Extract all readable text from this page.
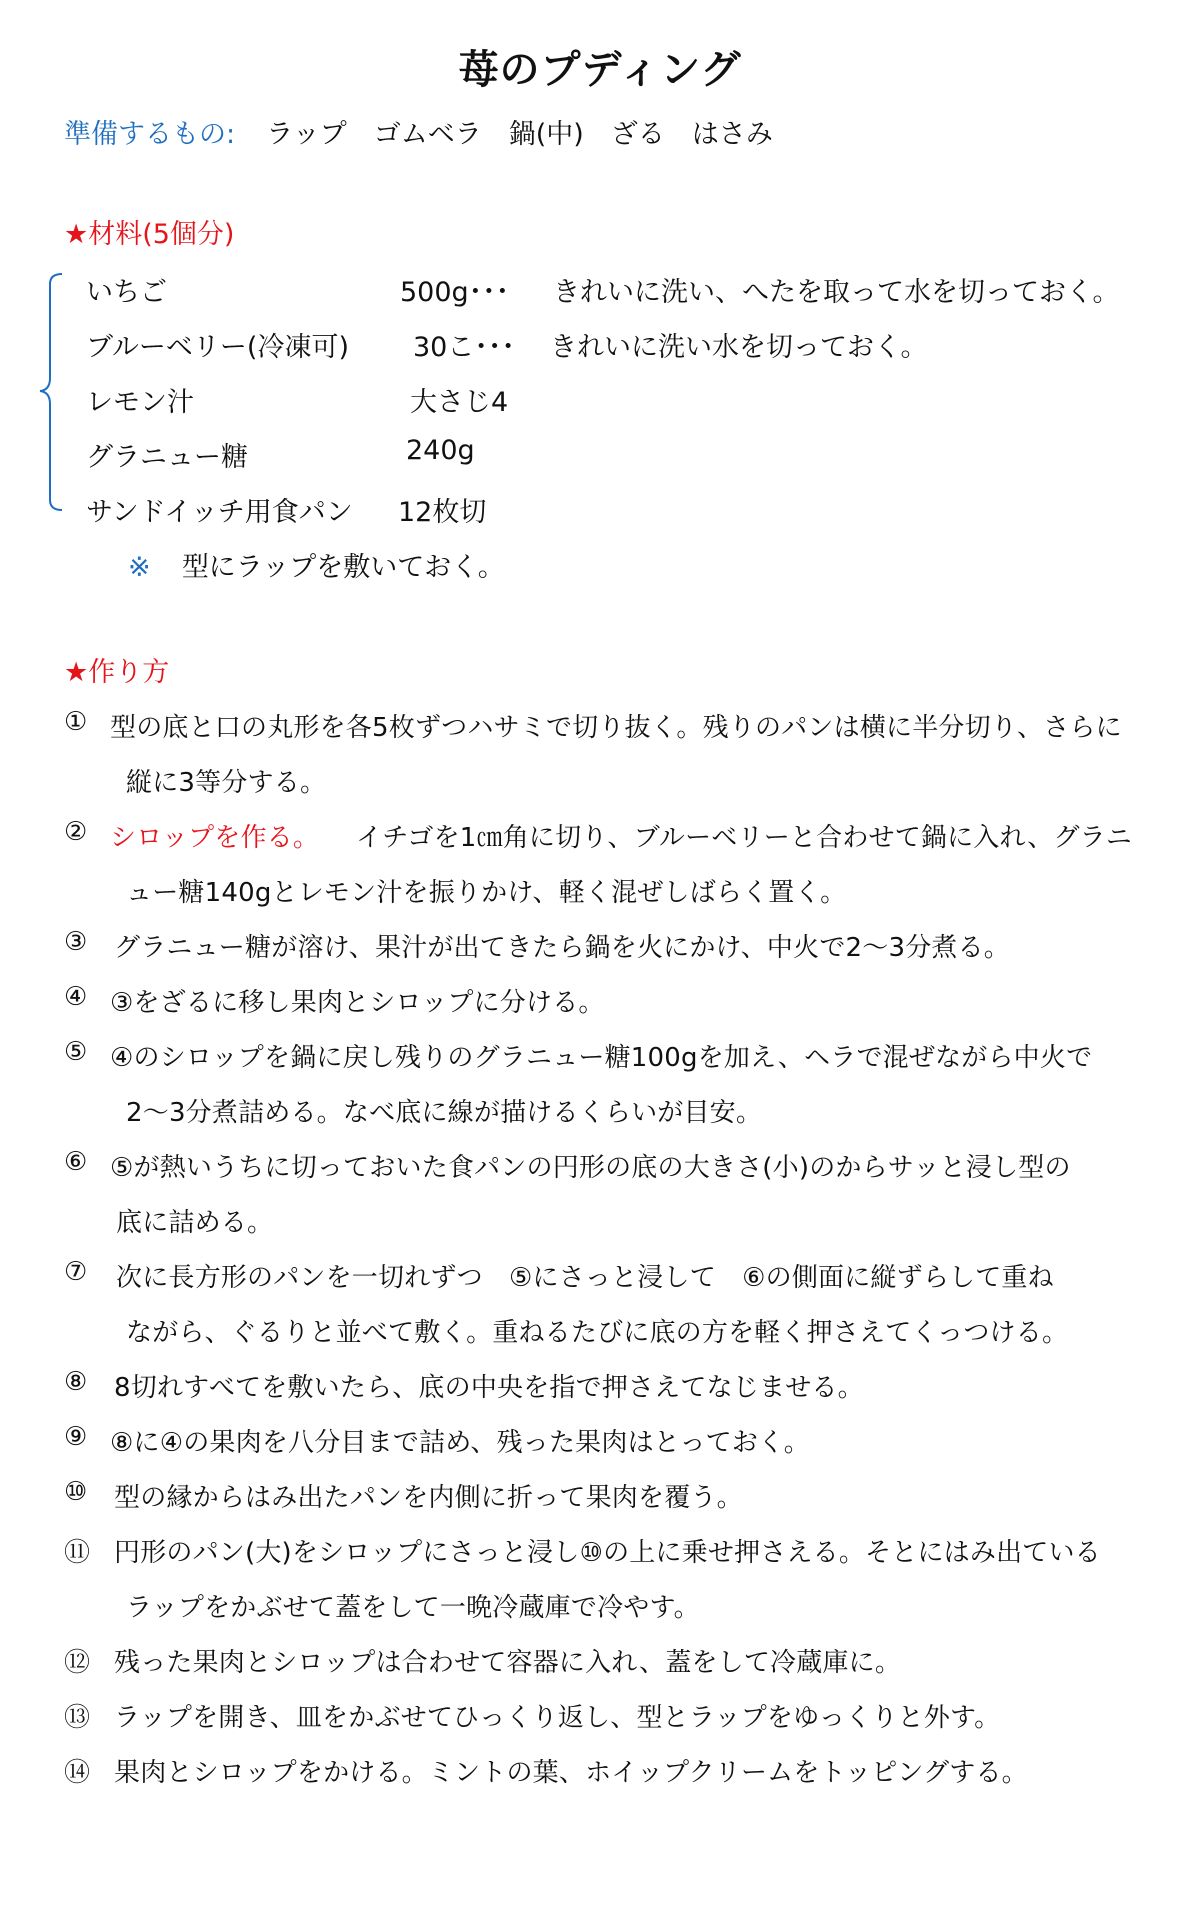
苺のプディング
準備するもの: ラップ　ゴムベラ　鍋(中)　ざる　はさみ
★材料(5個分)
いちご	500g･･･ きれいに洗い、へたを取って水を切っておく。
ブルーベリー(冷凍可) 30こ･･･ きれいに洗い水を切っておく。
レモン汁	大さじ4
グラニュー糖	240g
サンドイッチ用食パン 12枚切
※ 型にラップを敷いておく。
★作り方
① 型の底と口の丸形を各5枚ずつハサミで切り抜く。残りのパンは横に半分切り、さらに
縦に3等分する。
② シロップを作る。 イチゴを1㎝角に切り、ブルーベリーと合わせて鍋に入れ、グラニ
ュー糖140gとレモン汁を振りかけ、軽く混ぜしばらく置く。
③ グラニュー糖が溶け、果汁が出てきたら鍋を火にかけ、中火で2～3分煮る。
④ ③をざるに移し果肉とシロップに分ける。
⑤ ④のシロップを鍋に戻し残りのグラニュー糖100gを加え、ヘラで混ぜながら中火で
2～3分煮詰める。なべ底に線が描けるくらいが目安。
⑥ ⑤が熱いうちに切っておいた食パンの円形の底の大きさ(小)のからサッと浸し型の
底に詰める。
⑦ 次に長方形のパンを一切れずつ　⑤にさっと浸して　⑥の側面に縦ずらして重ね
ながら、ぐるりと並べて敷く。重ねるたびに底の方を軽く押さえてくっつける。
⑧ 8切れすべてを敷いたら、底の中央を指で押さえてなじませる。
⑨ ⑧に④の果肉を八分目まで詰め、残った果肉はとっておく。
⑩ 型の縁からはみ出たパンを内側に折って果肉を覆う。
⑪ 円形のパン(大)をシロップにさっと浸し⑩の上に乗せ押さえる。そとにはみ出ている
ラップをかぶせて蓋をして一晩冷蔵庫で冷やす。
⑫ 残った果肉とシロップは合わせて容器に入れ、蓋をして冷蔵庫に。
⑬ ラップを開き、皿をかぶせてひっくり返し、型とラップをゆっくりと外す。
⑭ 果肉とシロップをかける。ミントの葉、ホイップクリームをトッピングする。
